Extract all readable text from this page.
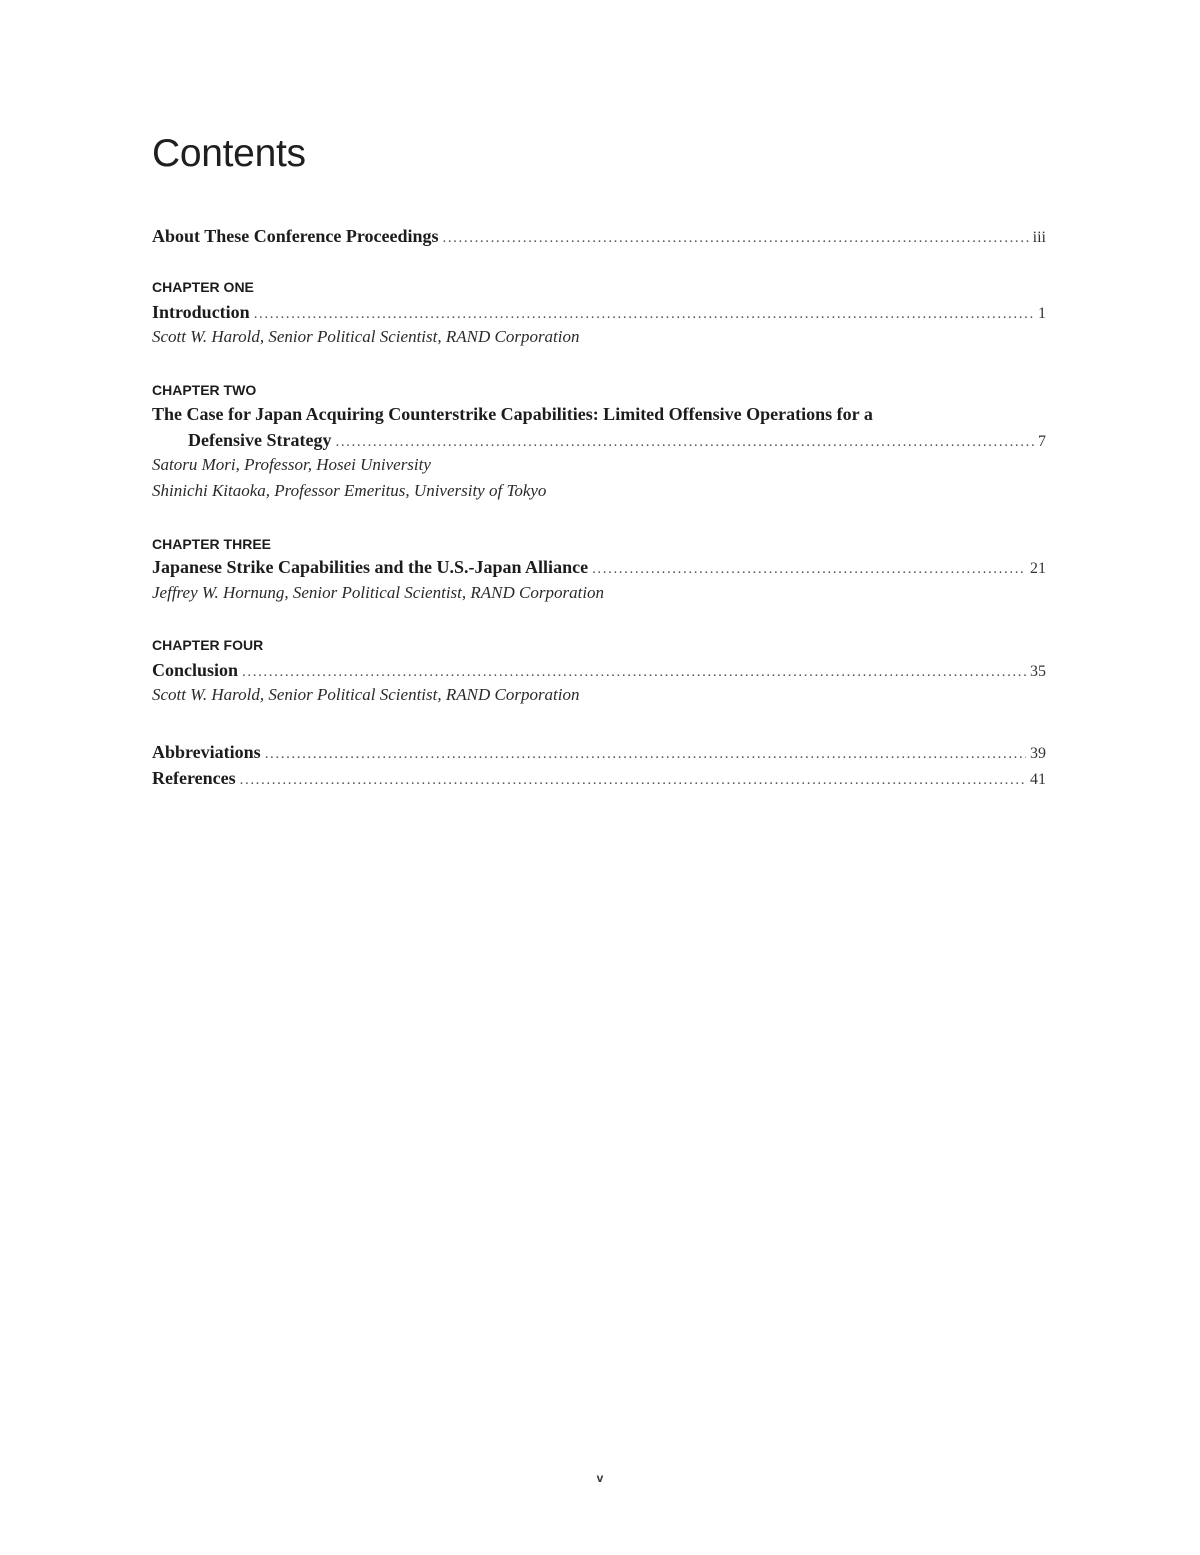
Contents
About These Conference Proceedings .....	iii
CHAPTER ONE
Introduction .....	1
Scott W. Harold, Senior Political Scientist, RAND Corporation
CHAPTER TWO
The Case for Japan Acquiring Counterstrike Capabilities: Limited Offensive Operations for a
Defensive Strategy .....	7
Satoru Mori, Professor, Hosei University
Shinichi Kitaoka, Professor Emeritus, University of Tokyo
CHAPTER THREE
Japanese Strike Capabilities and the U.S.-Japan Alliance .....	21
Jeffrey W. Hornung, Senior Political Scientist, RAND Corporation
CHAPTER FOUR
Conclusion .....	35
Scott W. Harold, Senior Political Scientist, RAND Corporation
Abbreviations .....	39
References .....	41
v
